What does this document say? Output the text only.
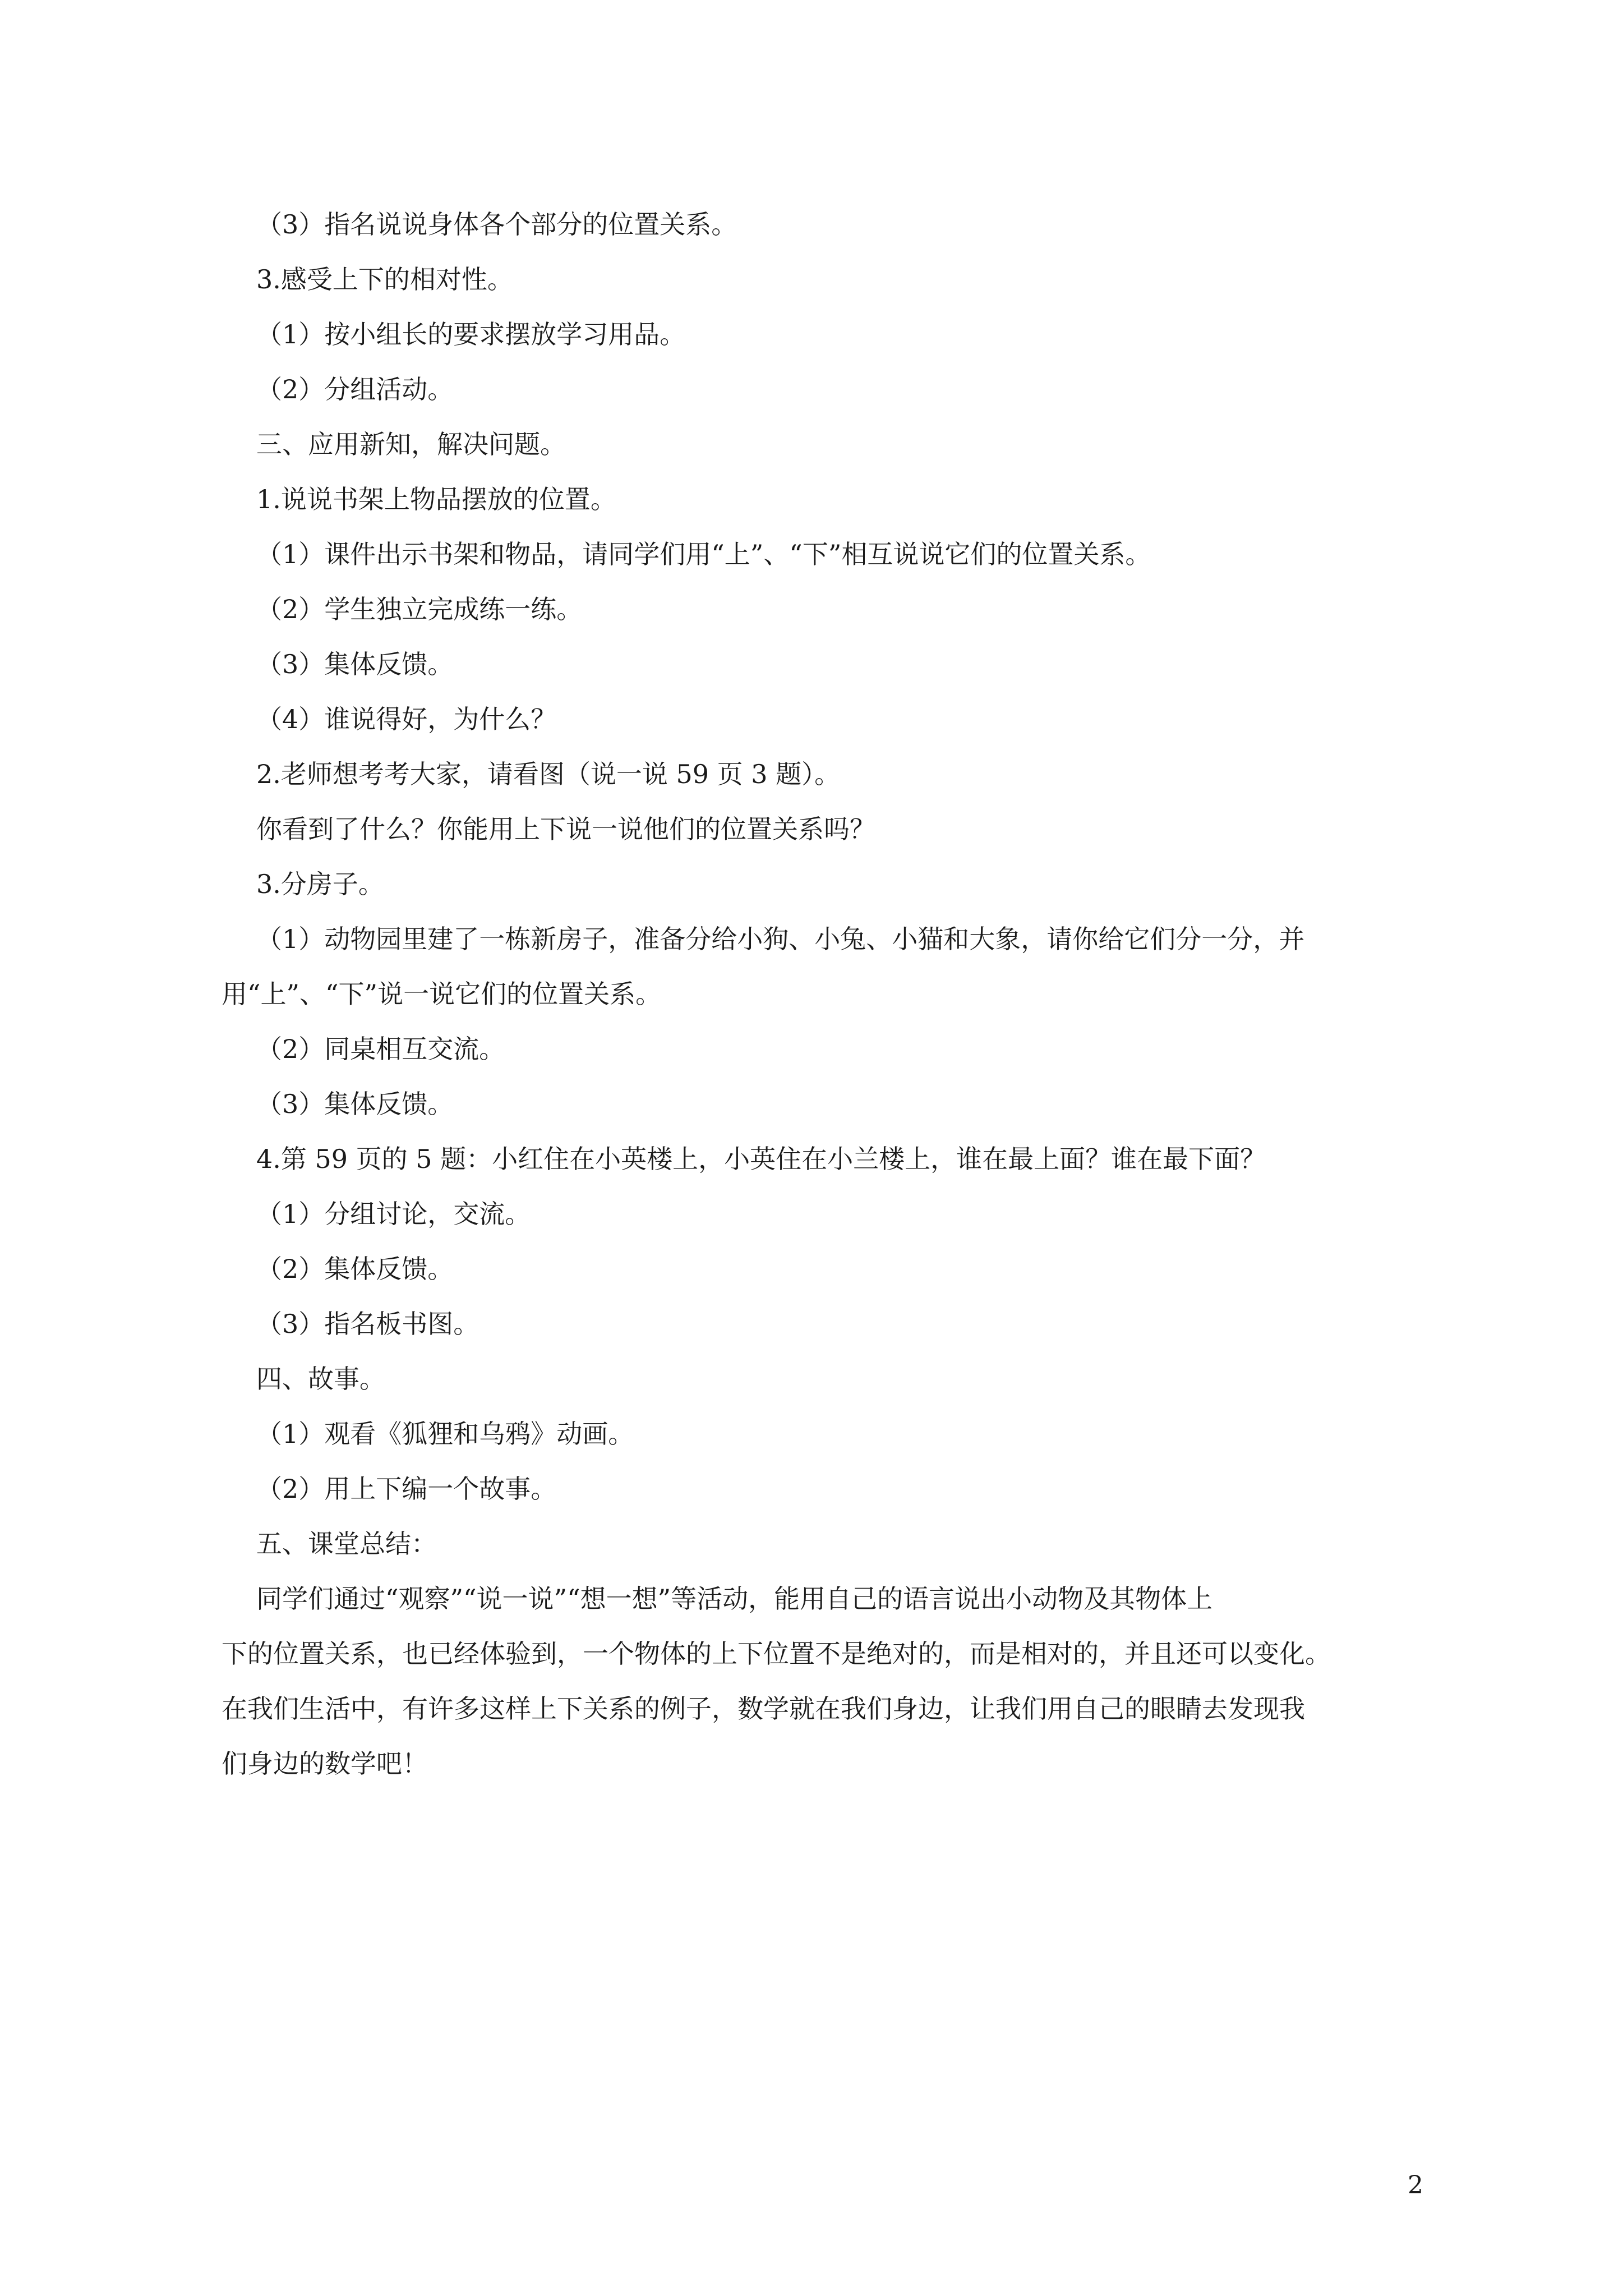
（3）指名说说身体各个部分的位置关系。

3.感受上下的相对性。

（1）按小组长的要求摆放学习用品。

（2）分组活动。

三、应用新知，解决问题。

1.说说书架上物品摆放的位置。

（1）课件出示书架和物品，请同学们用“上”、“下”相互说说它们的位置关系。

（2）学生独立完成练一练。

（3）集体反馈。

（4）谁说得好，为什么？

2.老师想考考大家，请看图（说一说 59 页 3 题）。

你看到了什么？你能用上下说一说他们的位置关系吗？

3.分房子。

（1）动物园里建了一栋新房子，准备分给小狗、小兔、小猫和大象，请你给它们分一分，并

用“上”、“下”说一说它们的位置关系。

（2）同桌相互交流。

（3）集体反馈。

4.第 59 页的 5 题：小红住在小英楼上，小英住在小兰楼上，谁在最上面？谁在最下面？

（1）分组讨论，交流。

（2）集体反馈。

（3）指名板书图。

四、故事。

（1）观看《狐狸和乌鸦》动画。

（2）用上下编一个故事。

五、课堂总结：

同学们通过“观察”“说一说”“想一想”等活动，能用自己的语言说出小动物及其物体上

下的位置关系，也已经体验到，一个物体的上下位置不是绝对的，而是相对的，并且还可以变化。

在我们生活中，有许多这样上下关系的例子，数学就在我们身边，让我们用自己的眼睛去发现我

们身边的数学吧！

2
